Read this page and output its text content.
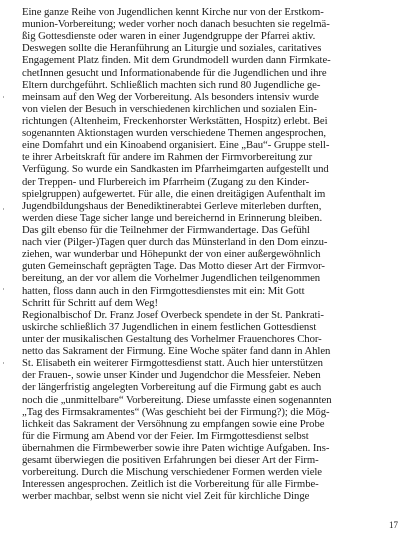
Eine ganze Reihe von Jugendlichen kennt Kirche nur von der Erstkom-
munion-Vorbereitung; weder vorher noch danach besuchten sie regelmä-
ßig Gottesdienste oder waren in einer Jugendgruppe der Pfarrei aktiv.
Deswegen sollte die Heranführung an Liturgie und soziales, caritatives
Engagement Platz finden. Mit dem Grundmodell wurden dann Firmkate-
chetInnen gesucht und Informationabende für die Jugendlichen und ihre
Eltern durchgeführt. Schließlich machten sich rund 80 Jugendliche ge-
meinsam auf den Weg der Vorbereitung. Als besonders intensiv wurde
von vielen der Besuch in verschiedenen kirchlichen und sozialen Ein-
richtungen (Altenheim, Freckenhorster Werkstätten, Hospitz) erlebt. Bei
sogenannten Aktionstagen wurden verschiedene Themen angesprochen,
eine Domfahrt und ein Kinoabend organisiert. Eine „Bau“- Gruppe stell-
te ihrer Arbeitskraft für andere im Rahmen der Firmvorbereitung zur
Verfügung. So wurde ein Sandkasten im Pfarrheimgarten aufgestellt und
der Treppen- und Flurbereich im Pfarrheim (Zugang zu den Kinder-
spielgruppen) aufgewertet. Für alle, die einen dreitägigen Aufenthalt im
Jugendbildungshaus der Benediktinerabtei Gerleve miterleben durften,
werden diese Tage sicher lange und bereichernd in Erinnerung bleiben.
Das gilt ebenso für die Teilnehmer der Firmwandertage. Das Gefühl
nach vier (Pilger-)Tagen quer durch das Münsterland in den Dom einzu-
ziehen, war wunderbar und Höhepunkt der von einer außergewöhnlich
guten Gemeinschaft geprägten Tage. Das Motto dieser Art der Firmvor-
bereitung, an der vor allem die Vorhelmer Jugendlichen teilgenommen
hatten, floss dann auch in den Firmgottesdienstes mit ein: Mit Gott
Schritt für Schritt auf dem Weg!
Regionalbischof Dr. Franz Josef Overbeck spendete in der St. Pankrati-
uskirche schließlich 37 Jugendlichen in einem festlichen Gottesdienst
unter der musikalischen Gestaltung des Vorhelmer Frauenchores Chor-
netto das Sakrament der Firmung. Eine Woche später fand dann in Ahlen
St. Elisabeth ein weiterer Firmgottesdienst statt. Auch hier unterstützen
der Frauen-, sowie unser Kinder und Jugendchor die Messfeier. Neben
der längerfristig angelegten Vorbereitung auf die Firmung gabt es auch
noch die „unmittelbare“ Vorbereitung. Diese umfasste einen sogenannten
„Tag des Firmsakramentes“ (Was geschieht bei der Firmung?); die Mög-
lichkeit das Sakrament der Versöhnung zu empfangen sowie eine Probe
für die Firmung am Abend vor der Feier. Im Firmgottesdienst selbst
übernahmen die Firmbewerber sowie ihre Paten wichtige Aufgaben. Ins-
gesamt überwiegen die positiven Erfahrungen bei dieser Art der Firm-
vorbereitung. Durch die Mischung verschiedener Formen werden viele
Interessen angesprochen. Zeitlich ist die Vorbereitung für alle Firmbe-
werber machbar, selbst wenn sie nicht viel Zeit für kirchliche Dinge
17
